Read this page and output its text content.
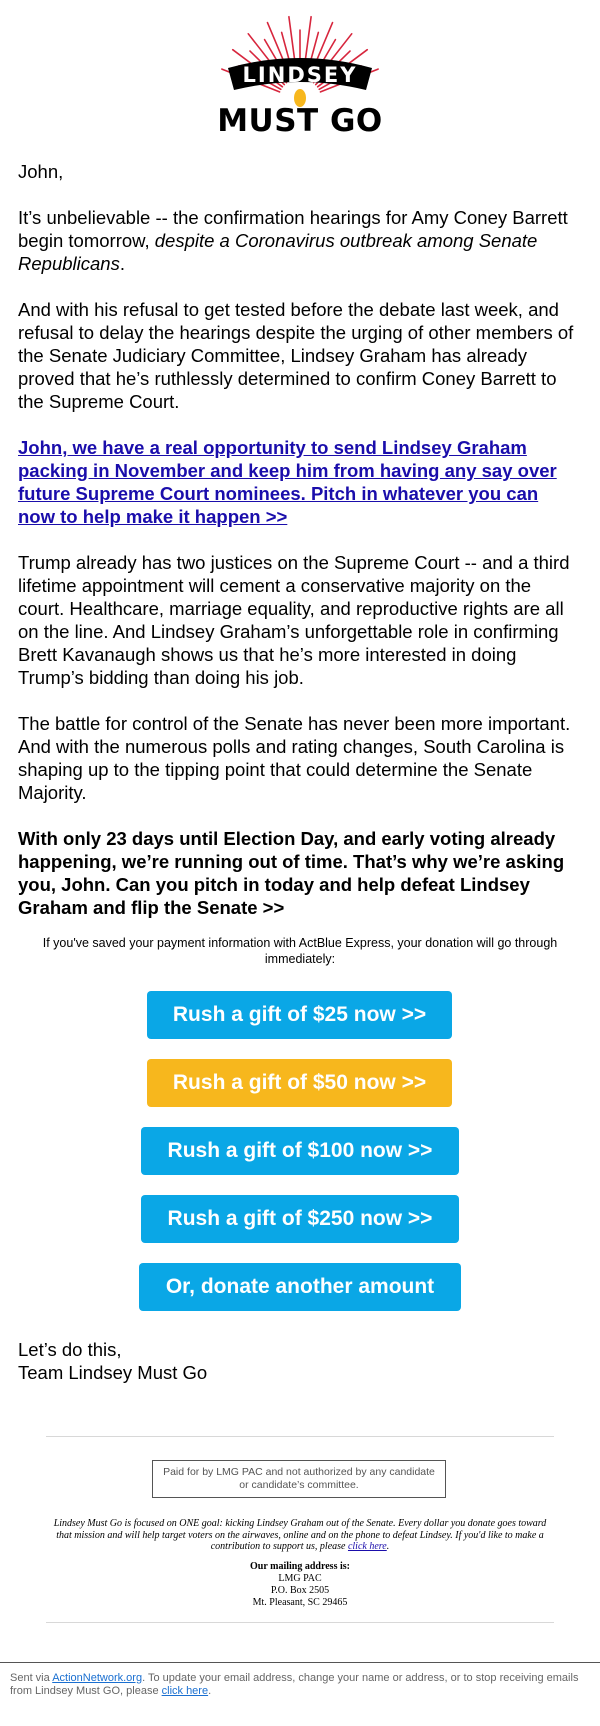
LINDSEY
MUST GO

John,

It’s unbelievable -- the confirmation hearings for Amy Coney Barrett begin tomorrow, despite a Coronavirus outbreak among Senate Republicans.

And with his refusal to get tested before the debate last week, and refusal to delay the hearings despite the urging of other members of the Senate Judiciary Committee, Lindsey Graham has already proved that he’s ruthlessly determined to confirm Coney Barrett to the Supreme Court.

John, we have a real opportunity to send Lindsey Graham packing in November and keep him from having any say over future Supreme Court nominees. Pitch in whatever you can now to help make it happen >>

Trump already has two justices on the Supreme Court -- and a third lifetime appointment will cement a conservative majority on the court. Healthcare, marriage equality, and reproductive rights are all on the line. And Lindsey Graham’s unforgettable role in confirming Brett Kavanaugh shows us that he’s more interested in doing Trump’s bidding than doing his job.

The battle for control of the Senate has never been more important. And with the numerous polls and rating changes, South Carolina is shaping up to the tipping point that could determine the Senate Majority.

With only 23 days until Election Day, and early voting already happening, we’re running out of time. That’s why we’re asking you, John. Can you pitch in today and help defeat Lindsey Graham and flip the Senate >>

If you've saved your payment information with ActBlue Express, your donation will go through immediately:
Rush a gift of $25 now >>
Rush a gift of $50 now >>
Rush a gift of $100 now >>
Rush a gift of $250 now >>
Or, donate another amount

Let’s do this,
Team Lindsey Must Go

Paid for by LMG PAC and not authorized by any candidate or candidate’s committee.
Lindsey Must Go is focused on ONE goal: kicking Lindsey Graham out of the Senate. Every dollar you donate goes toward that mission and will help target voters on the airwaves, online and on the phone to defeat Lindsey. If you'd like to make a contribution to support us, please click here.
Our mailing address is:
LMG PAC
P.O. Box 2505
Mt. Pleasant, SC 29465
Sent via ActionNetwork.org. To update your email address, change your name or address, or to stop receiving emails from Lindsey Must GO, please click here.
